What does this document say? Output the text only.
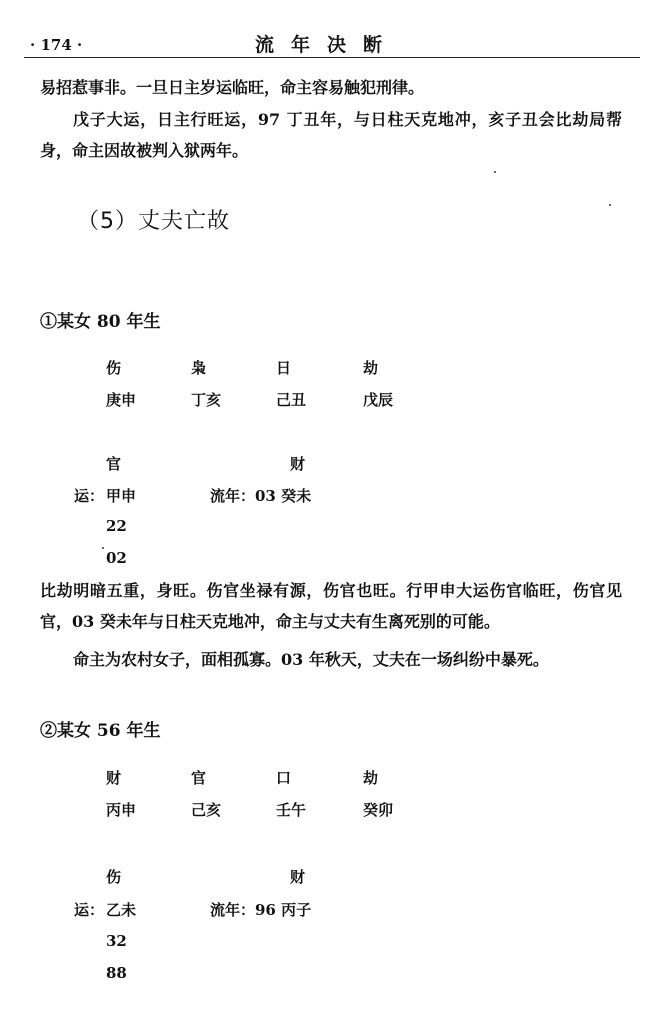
· 174 ·	流年决断

易招惹事非。一旦日主岁运临旺，命主容易触犯刑律。

戊子大运，日主行旺运，97 丁丑年，与日柱天克地冲，亥子丑会比劫局帮身，命主因故被判入狱两年。

（5）丈夫亡故
①某女 80 年生
伤	枭	日	劫
庚申	丁亥	己丑	戊辰
官	财
运： 甲申	流年：03 癸未
22
02

比劫明暗五重，身旺。伤官坐禄有源，伤官也旺。行甲申大运伤官临旺，伤官见官，03 癸未年与日柱天克地冲，命主与丈夫有生离死别的可能。

命主为农村女子，面相孤寡。03 年秋天，丈夫在一场纠纷中暴死。

②某女 56 年生
财	官	口	劫
丙申	己亥	壬午	癸卯
伤	财
运： 乙未	流年：96 丙子
32
88
